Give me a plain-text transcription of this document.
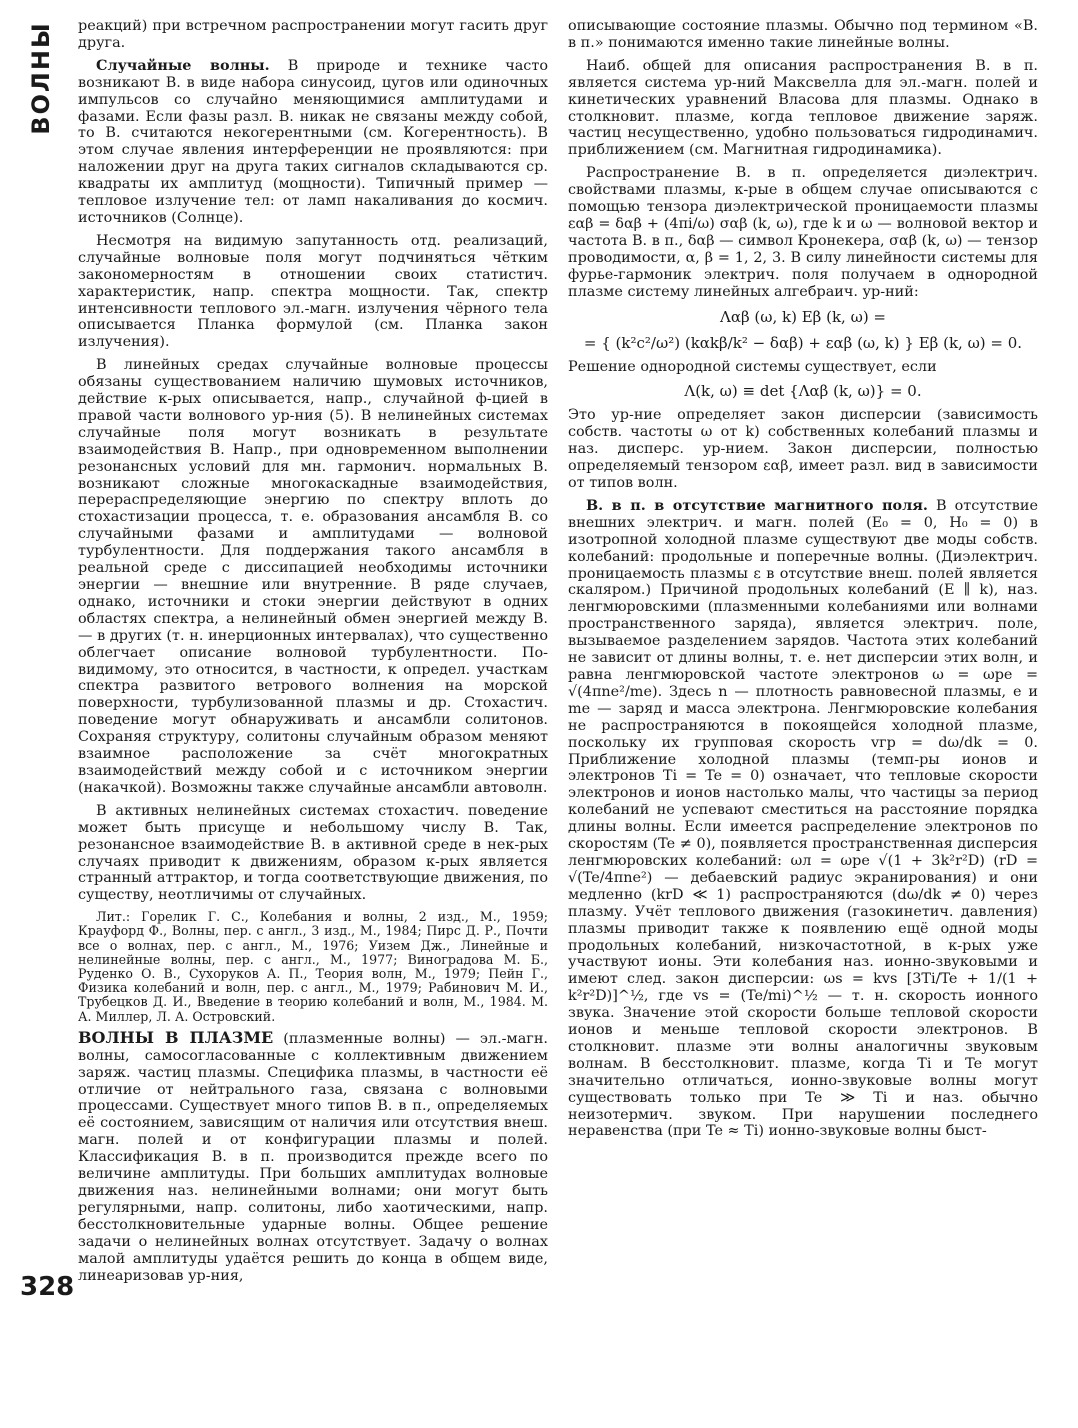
ВОЛНЫ
328

реакций) при встречном распространении могут гасить друг друга.

Случайные волны. В природе и технике часто возникают В. в виде набора синусоид, цугов или одиночных импульсов со случайно меняющимися амплитудами и фазами. Если фазы разл. В. никак не связаны между собой, то В. считаются некогерентными (см. Когерентность). В этом случае явления интерференции не проявляются: при наложении друг на друга таких сигналов складываются ср. квадраты их амплитуд (мощности). Типичный пример — тепловое излучение тел: от ламп накаливания до космич. источников (Солнце).

Несмотря на видимую запутанность отд. реализаций, случайные волновые поля могут подчиняться чётким закономерностям в отношении своих статистич. характеристик, напр. спектра мощности. Так, спектр интенсивности теплового эл.-магн. излучения чёрного тела описывается Планка формулой (см. Планка закон излучения).

В линейных средах случайные волновые процессы обязаны существованием наличию шумовых источников, действие к-рых описывается, напр., случайной ф-цией в правой части волнового ур-ния (5). В нелинейных системах случайные поля могут возникать в результате взаимодействия В. Напр., при одновременном выполнении резонансных условий для мн. гармонич. нормальных В. возникают сложные многокаскадные взаимодействия, перераспределяющие энергию по спектру вплоть до стохастизации процесса, т. е. образования ансамбля В. со случайными фазами и амплитудами — волновой турбулентности. Для поддержания такого ансамбля в реальной среде с диссипацией необходимы источники энергии — внешние или внутренние. В ряде случаев, однако, источники и стоки энергии действуют в одних областях спектра, а нелинейный обмен энергией между В. — в других (т. н. инерционных интервалах), что существенно облегчает описание волновой турбулентности. По-видимому, это относится, в частности, к определ. участкам спектра развитого ветрового волнения на морской поверхности, турбулизованной плазмы и др. Стохастич. поведение могут обнаруживать и ансамбли солитонов. Сохраняя структуру, солитоны случайным образом меняют взаимное расположение за счёт многократных взаимодействий между собой и с источником энергии (накачкой). Возможны также случайные ансамбли автоволн.

В активных нелинейных системах стохастич. поведение может быть присуще и небольшому числу В. Так, резонансное взаимодействие В. в активной среде в нек-рых случаях приводит к движениям, образом к-рых является странный аттрактор, и тогда соответствующие движения, по существу, неотличимы от случайных.

Лит.: Горелик Г. С., Колебания и волны, 2 изд., М., 1959; Крауфорд Ф., Волны, пер. с англ., 3 изд., М., 1984; Пирс Д. Р., Почти все о волнах, пер. с англ., М., 1976; Уизем Дж., Линейные и нелинейные волны, пер. с англ., М., 1977; Виноградова М. Б., Руденко О. В., Сухоруков А. П., Теория волн, М., 1979; Пейн Г., Физика колебаний и волн, пер. с англ., М., 1979; Рабинович М. И., Трубецков Д. И., Введение в теорию колебаний и волн, М., 1984. М. А. Миллер, Л. А. Островский.

ВОЛНЫ В ПЛАЗМЕ (плазменные волны) — эл.-магн. волны, самосогласованные с коллективным движением заряж. частиц плазмы. Специфика плазмы, в частности её отличие от нейтрального газа, связана с волновыми процессами. Существует много типов В. в п., определяемых её состоянием, зависящим от наличия или отсутствия внеш. магн. полей и от конфигурации плазмы и полей. Классификация В. в п. производится прежде всего по величине амплитуды. При больших амплитудах волновые движения наз. нелинейными волнами; они могут быть регулярными, напр. солитоны, либо хаотическими, напр. бесстолкновительные ударные волны. Общее решение задачи о нелинейных волнах отсутствует. Задачу о волнах малой амплитуды удаётся решить до конца в общем виде, линеаризовав ур-ния,

описывающие состояние плазмы. Обычно под термином «В. в п.» понимаются именно такие линейные волны.

Наиб. общей для описания распространения В. в п. является система ур-ний Максвелла для эл.-магн. полей и кинетических уравнений Власова для плазмы. Однако в столкновит. плазме, когда тепловое движение заряж. частиц несущественно, удобно пользоваться гидродинамич. приближением (см. Магнитная гидродинамика).

Распространение В. в п. определяется диэлектрич. свойствами плазмы, к-рые в общем случае описываются с помощью тензора диэлектрической проницаемости плазмы εαβ = δαβ + (4πi/ω) σαβ (k, ω), где k и ω — волновой вектор и частота В. в п., δαβ — символ Кронекера, σαβ (k, ω) — тензор проводимости, α, β = 1, 2, 3. В силу линейности системы для фурье-гармоник электрич. поля получаем в однородной плазме систему линейных алгебраич. ур-ний:

Λαβ (ω, k) Eβ (k, ω) =

= { (k²c²/ω²) (kαkβ/k² − δαβ) + εαβ (ω, k) } Eβ (k, ω) = 0.

Решение однородной системы существует, если

Λ(k, ω) ≡ det {Λαβ (k, ω)} = 0.

Это ур-ние определяет закон дисперсии (зависимость собств. частоты ω от k) собственных колебаний плазмы и наз. дисперс. ур-нием. Закон дисперсии, полностью определяемый тензором εαβ, имеет разл. вид в зависимости от типов волн.

В. в п. в отсутствие магнитного поля. В отсутствие внешних электрич. и магн. полей (E₀ = 0, H₀ = 0) в изотропной холодной плазме существуют две моды собств. колебаний: продольные и поперечные волны. (Диэлектрич. проницаемость плазмы ε в отсутствие внеш. полей является скаляром.) Причиной продольных колебаний (E ∥ k), наз. ленгмюровскими (плазменными колебаниями или волнами пространственного заряда), является электрич. поле, вызываемое разделением зарядов. Частота этих колебаний не зависит от длины волны, т. е. нет дисперсии этих волн, и равна ленгмюровской частоте электронов ω = ωpe = √(4πne²/me). Здесь n — плотность равновесной плазмы, e и me — заряд и масса электрона. Ленгмюровские колебания не распространяются в покоящейся холодной плазме, поскольку их групповая скорость vгр = dω/dk = 0. Приближение холодной плазмы (темп-ры ионов и электронов Ti = Te = 0) означает, что тепловые скорости электронов и ионов настолько малы, что частицы за период колебаний не успевают сместиться на расстояние порядка длины волны. Если имеется распределение электронов по скоростям (Te ≠ 0), появляется пространственная дисперсия ленгмюровских колебаний: ωл = ωpe √(1 + 3k²r²D) (rD = √(Te/4πne²) — дебаевский радиус экранирования) и они медленно (krD ≪ 1) распространяются (dω/dk ≠ 0) через плазму. Учёт теплового движения (газокинетич. давления) плазмы приводит также к появлению ещё одной моды продольных колебаний, низкочастотной, в к-рых уже участвуют ионы. Эти колебания наз. ионно-звуковыми и имеют след. закон дисперсии: ωs = kvs [3Ti/Te + 1/(1 + k²r²D)]^½, где vs = (Te/mi)^½ — т. н. скорость ионного звука. Значение этой скорости больше тепловой скорости ионов и меньше тепловой скорости электронов. В столкновит. плазме эти волны аналогичны звуковым волнам. В бесстолкновит. плазме, когда Ti и Te могут значительно отличаться, ионно-звуковые волны могут существовать только при Te ≫ Ti и наз. обычно неизотермич. звуком. При нарушении последнего неравенства (при Te ≈ Ti) ионно-звуковые волны быст-
